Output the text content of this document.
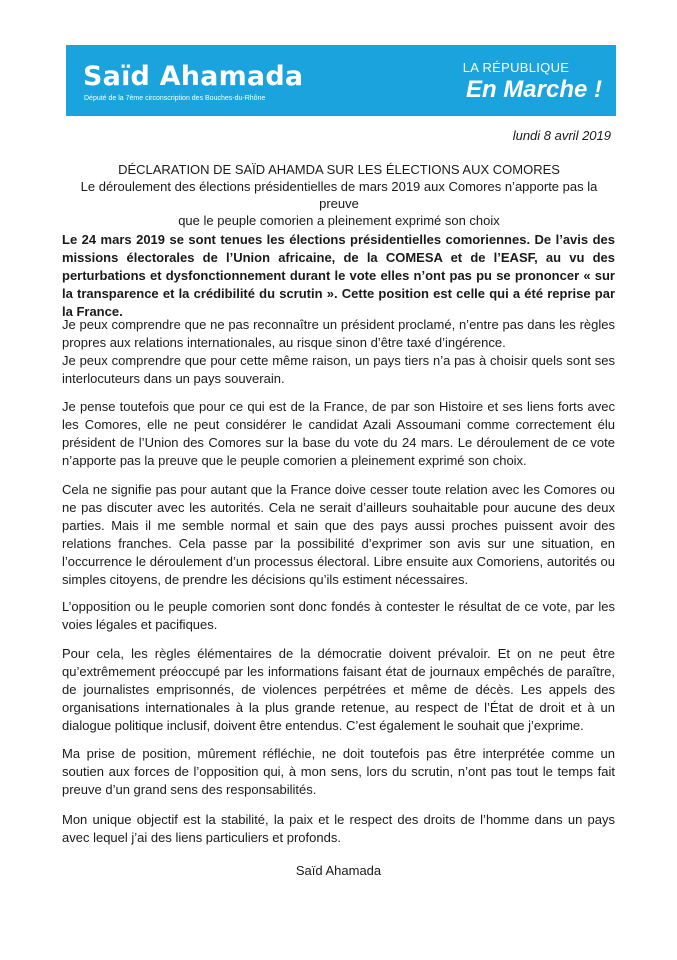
Saïd Ahamada
Député de la 7ème circonscription des Bouches-du-Rhône
LA RÉPUBLIQUE
En Marche !
lundi 8 avril 2019
DÉCLARATION DE SAÏD AHAMDA SUR LES ÉLECTIONS AUX COMORES
Le déroulement des élections présidentielles de mars 2019 aux Comores n’apporte pas la preuve
que le peuple comorien a pleinement exprimé son choix

Le 24 mars 2019 se sont tenues les élections présidentielles comoriennes. De l’avis des missions électorales de l’Union africaine, de la COMESA et de l’EASF, au vu des perturbations et dysfonctionnement durant le vote elles n’ont pas pu se prononcer « sur la transparence et la crédibilité du scrutin ». Cette position est celle qui a été reprise par la France.

Je peux comprendre que ne pas reconnaître un président proclamé, n’entre pas dans les règles propres aux relations internationales, au risque sinon d’être taxé d’ingérence.

Je peux comprendre que pour cette même raison, un pays tiers n’a pas à choisir quels sont ses interlocuteurs dans un pays souverain.

Je pense toutefois que pour ce qui est de la France, de par son Histoire et ses liens forts avec les Comores, elle ne peut considérer le candidat Azali Assoumani comme correctement élu président de l’Union des Comores sur la base du vote du 24 mars. Le déroulement de ce vote n’apporte pas la preuve que le peuple comorien a pleinement exprimé son choix.

Cela ne signifie pas pour autant que la France doive cesser toute relation avec les Comores ou ne pas discuter avec les autorités. Cela ne serait d’ailleurs souhaitable pour aucune des deux parties. Mais il me semble normal et sain que des pays aussi proches puissent avoir des relations franches. Cela passe par la possibilité d’exprimer son avis sur une situation, en l’occurrence le déroulement d’un processus électoral. Libre ensuite aux Comoriens, autorités ou simples citoyens, de prendre les décisions qu’ils estiment nécessaires.

L’opposition ou le peuple comorien sont donc fondés à contester le résultat de ce vote, par les voies légales et pacifiques.

Pour cela, les règles élémentaires de la démocratie doivent prévaloir. Et on ne peut être qu’extrêmement préoccupé par les informations faisant état de journaux empêchés de paraître, de journalistes emprisonnés, de violences perpétrées et même de décès. Les appels des organisations internationales à la plus grande retenue, au respect de l’État de droit et à un dialogue politique inclusif, doivent être entendus. C’est également le souhait que j’exprime.

Ma prise de position, mûrement réfléchie, ne doit toutefois pas être interprétée comme un soutien aux forces de l’opposition qui, à mon sens, lors du scrutin, n’ont pas tout le temps fait preuve d’un grand sens des responsabilités.

Mon unique objectif est la stabilité, la paix et le respect des droits de l’homme dans un pays avec lequel j’ai des liens particuliers et profonds.

Saïd Ahamada
